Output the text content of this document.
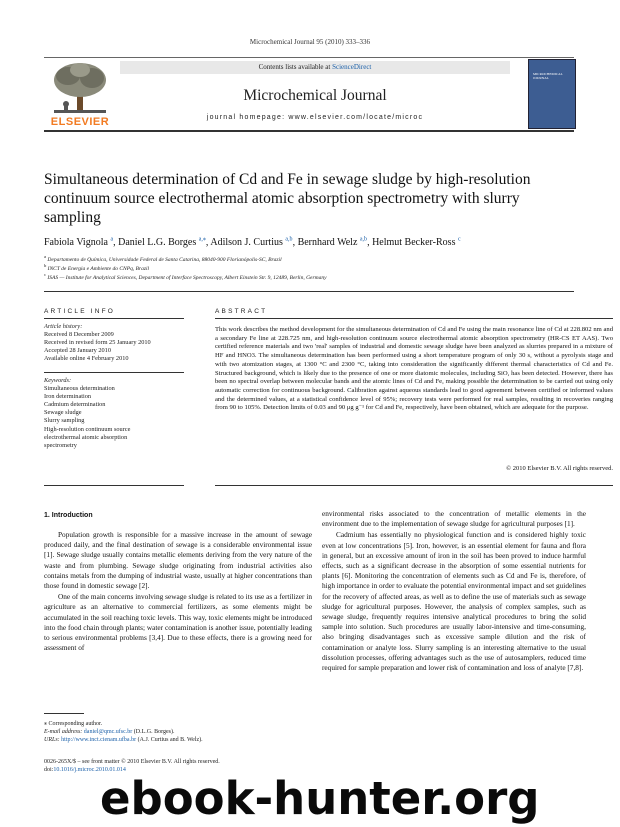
Microchemical Journal 95 (2010) 333–336
ELSEVIER
Contents lists available at ScienceDirect
Microchemical Journal
journal homepage: www.elsevier.com/locate/microc
MICROCHEMICAL JOURNAL
Simultaneous determination of Cd and Fe in sewage sludge by high-resolution continuum source electrothermal atomic absorption spectrometry with slurry sampling
Fabiola Vignola $^a$, Daniel L.G. Borges $^{a,⁎}$, Adilson J. Curtius $^{a,b}$, Bernhard Welz $^{a,b}$, Helmut Becker-Ross $^c$
$^a$ Departamento de Química, Universidade Federal de Santa Catarina, 88040-900 Florianópolis-SC, Brazil
$^b$ INCT de Energia e Ambiente do CNPq, Brazil
$^c$ ISAS — Institute for Analytical Sciences, Department of Interface Spectroscopy, Albert Einstein Str. 9, 12489, Berlin, Germany
ARTICLE INFO
Article history:
Received 8 December 2009
Received in revised form 25 January 2010
Accepted 28 January 2010
Available online 4 February 2010
Keywords:
Simultaneous determination
Iron determination
Cadmium determination
Sewage sludge
Slurry sampling
High-resolution continuum source
electrothermal atomic absorption
spectrometry
ABSTRACT
This work describes the method development for the simultaneous determination of Cd and Fe using the main resonance line of Cd at 228.802 nm and a secondary Fe line at 228.725 nm, and high-resolution continuum source electrothermal atomic absorption spectrometry (HR-CS ET AAS). Two certified reference materials and two 'real' samples of industrial and domestic sewage sludge have been analyzed as slurries prepared in a mixture of HF and HNO3. The simultaneous determination has been performed using a short temperature program of only 30 s, without a pyrolysis stage and with two atomization stages, at 1300 °C and 2300 °C, taking into consideration the significantly different thermal characteristics of Cd and Fe. Structured background, which is likely due to the presence of one or more diatomic molecules, including SiO, has been detected. However, there has been no spectral overlap between molecular bands and the atomic lines of Cd and Fe, making possible the determination to be carried out using only automatic correction for continuous background. Calibration against aqueous standards lead to good agreement between certified or informed values and the determined values, at a statistical confidence level of 95%; recovery tests were performed for real samples, resulting in recoveries ranging from 90 to 105%. Detection limits of 0.03 and 90 μg g⁻¹ for Cd and Fe, respectively, have been obtained, which are adequate for the purpose.
© 2010 Elsevier B.V. All rights reserved.
1. Introduction

Population growth is responsible for a massive increase in the amount of sewage produced daily, and the final destination of sewage is a considerable environmental issue [1]. Sewage sludge usually contains metallic elements deriving from the very nature of the waste and from plumbing. Sewage sludge originating from industrial activities also contains metals from the dumping of industrial waste, usually at higher concentrations than those found in domestic sewage [2].

One of the main concerns involving sewage sludge is related to its use as a fertilizer in agriculture as an alternative to commercial fertilizers, as some elements might be accumulated in the soil reaching toxic levels. This way, toxic elements might be introduced into the food chain through plants; water contamination is another issue, potentially leading to serious environmental problems [3,4]. Due to these effects, there is a growing need for assessment of

environmental risks associated to the concentration of metallic elements in the environment due to the implementation of sewage sludge for agricultural purposes [1].

Cadmium has essentially no physiological function and is considered highly toxic even at low concentrations [5]. Iron, however, is an essential element for fauna and flora in general, but an excessive amount of iron in the soil has been proved to induce harmful effects, such as a significant decrease in the absorption of some essential nutrients for plants [6]. Monitoring the concentration of elements such as Cd and Fe is, therefore, of high importance in order to evaluate the potential environmental impact and set guidelines for the recovery of affected areas, as well as to define the use of materials such as sewage sludge for agricultural purposes. However, the analysis of complex samples, such as sewage sludge, frequently requires intensive analytical procedures to bring the solid sample into solution. Such procedures are usually labor-intensive and time-consuming, also bringing disadvantages such as excessive sample dilution and the risk of contamination or analyte loss. Slurry sampling is an interesting alternative to the usual dissolution processes, offering advantages such as the use of autosamplers, reduced time required for sample preparation and lower risk of contamination and loss of analyte [7,8].

⁎ Corresponding author.
E-mail address: daniel@qmc.ufsc.br (D.L.G. Borges).
URLs: http://www.inct.cienam.ufba.br (A.J. Curtius and B. Welz).
0026-265X/$ – see front matter © 2010 Elsevier B.V. All rights reserved.
doi:10.1016/j.microc.2010.01.014
ebook-hunter.org
